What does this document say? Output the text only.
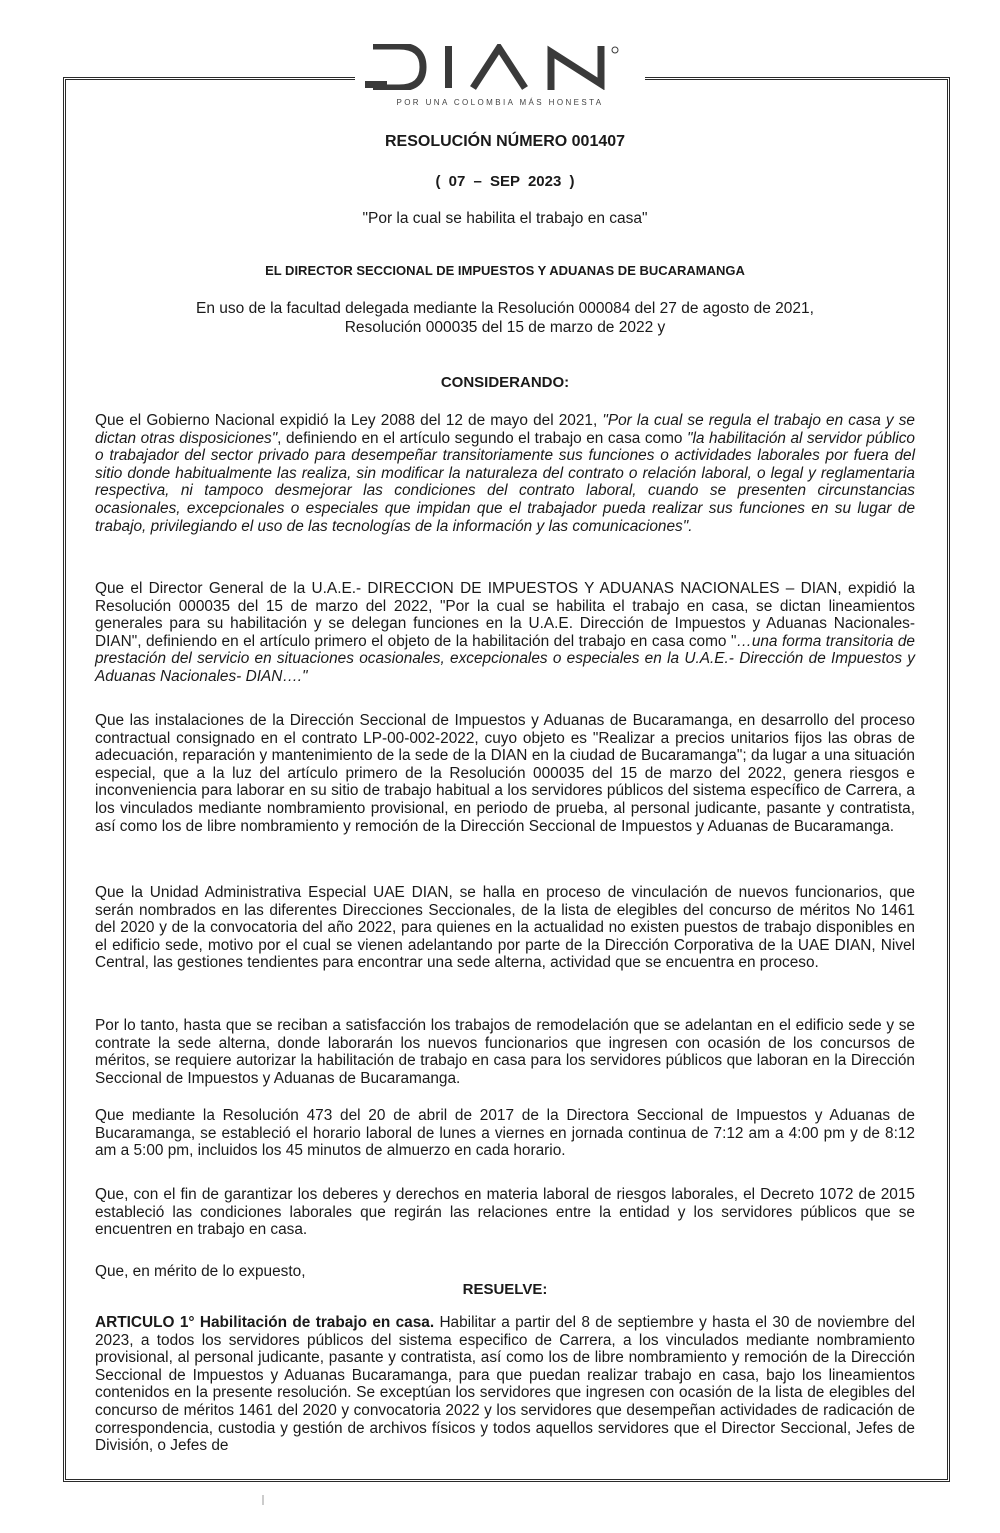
POR UNA COLOMBIA MÁS HONESTA
RESOLUCIÓN NÚMERO 001407
( 07 – SEP 2023 )
"Por la cual se habilita el trabajo en casa"
EL DIRECTOR SECCIONAL DE IMPUESTOS Y ADUANAS DE BUCARAMANGA
En uso de la facultad delegada mediante la Resolución 000084 del 27 de agosto de 2021,
Resolución 000035 del 15 de marzo de 2022 y
CONSIDERANDO:

Que el Gobierno Nacional expidió la Ley 2088 del 12 de mayo del 2021, "Por la cual se regula el trabajo en casa y se dictan otras disposiciones", definiendo en el artículo segundo el trabajo en casa como "la habilitación al servidor público o trabajador del sector privado para desempeñar transitoriamente sus funciones o actividades laborales por fuera del sitio donde habitualmente las realiza, sin modificar la naturaleza del contrato o relación laboral, o legal y reglamentaria respectiva, ni tampoco desmejorar las condiciones del contrato laboral, cuando se presenten circunstancias ocasionales, excepcionales o especiales que impidan que el trabajador pueda realizar sus funciones en su lugar de trabajo, privilegiando el uso de las tecnologías de la información y las comunicaciones".

Que el Director General de la U.A.E.- DIRECCION DE IMPUESTOS Y ADUANAS NACIONALES – DIAN, expidió la Resolución 000035 del 15 de marzo del 2022, "Por la cual se habilita el trabajo en casa, se dictan lineamientos generales para su habilitación y se delegan funciones en la U.A.E. Dirección de Impuestos y Aduanas Nacionales- DIAN", definiendo en el artículo primero el objeto de la habilitación del trabajo en casa como "…una forma transitoria de prestación del servicio en situaciones ocasionales, excepcionales o especiales en la U.A.E.- Dirección de Impuestos y Aduanas Nacionales- DIAN…."

Que las instalaciones de la Dirección Seccional de Impuestos y Aduanas de Bucaramanga, en desarrollo del proceso contractual consignado en el contrato LP-00-002-2022, cuyo objeto es "Realizar a precios unitarios fijos las obras de adecuación, reparación y mantenimiento de la sede de la DIAN en la ciudad de Bucaramanga"; da lugar a una situación especial, que a la luz del artículo primero de la Resolución 000035 del 15 de marzo del 2022, genera riesgos e inconveniencia para laborar en su sitio de trabajo habitual a los servidores públicos del sistema específico de Carrera, a los vinculados mediante nombramiento provisional, en periodo de prueba, al personal judicante, pasante y contratista, así como los de libre nombramiento y remoción de la Dirección Seccional de Impuestos y Aduanas de Bucaramanga.

Que la Unidad Administrativa Especial UAE DIAN, se halla en proceso de vinculación de nuevos funcionarios, que serán nombrados en las diferentes Direcciones Seccionales, de la lista de elegibles del concurso de méritos No 1461 del 2020 y de la convocatoria del año 2022, para quienes en la actualidad no existen puestos de trabajo disponibles en el edificio sede, motivo por el cual se vienen adelantando por parte de la Dirección Corporativa de la UAE DIAN, Nivel Central, las gestiones tendientes para encontrar una sede alterna, actividad que se encuentra en proceso.

Por lo tanto, hasta que se reciban a satisfacción los trabajos de remodelación que se adelantan en el edificio sede y se contrate la sede alterna, donde laborarán los nuevos funcionarios que ingresen con ocasión de los concursos de méritos, se requiere autorizar la habilitación de trabajo en casa para los servidores públicos que laboran en la Dirección Seccional de Impuestos y Aduanas de Bucaramanga.

Que mediante la Resolución 473 del 20 de abril de 2017 de la Directora Seccional de Impuestos y Aduanas de Bucaramanga, se estableció el horario laboral de lunes a viernes en jornada continua de 7:12 am a 4:00 pm y de 8:12 am a 5:00 pm, incluidos los 45 minutos de almuerzo en cada horario.

Que, con el fin de garantizar los deberes y derechos en materia laboral de riesgos laborales, el Decreto 1072 de 2015 estableció las condiciones laborales que regirán las relaciones entre la entidad y los servidores públicos que se encuentren en trabajo en casa.

Que, en mérito de lo expuesto,

RESUELVE:

ARTICULO 1° Habilitación de trabajo en casa. Habilitar a partir del 8 de septiembre y hasta el 30 de noviembre del 2023, a todos los servidores públicos del sistema especifico de Carrera, a los vinculados mediante nombramiento provisional, al personal judicante, pasante y contratista, así como los de libre nombramiento y remoción de la Dirección Seccional de Impuestos y Aduanas Bucaramanga, para que puedan realizar trabajo en casa, bajo los lineamientos contenidos en la presente resolución. Se exceptúan los servidores que ingresen con ocasión de la lista de elegibles del concurso de méritos 1461 del 2020 y convocatoria 2022 y los servidores que desempeñan actividades de radicación de correspondencia, custodia y gestión de archivos físicos y todos aquellos servidores que el Director Seccional, Jefes de División, o Jefes de
